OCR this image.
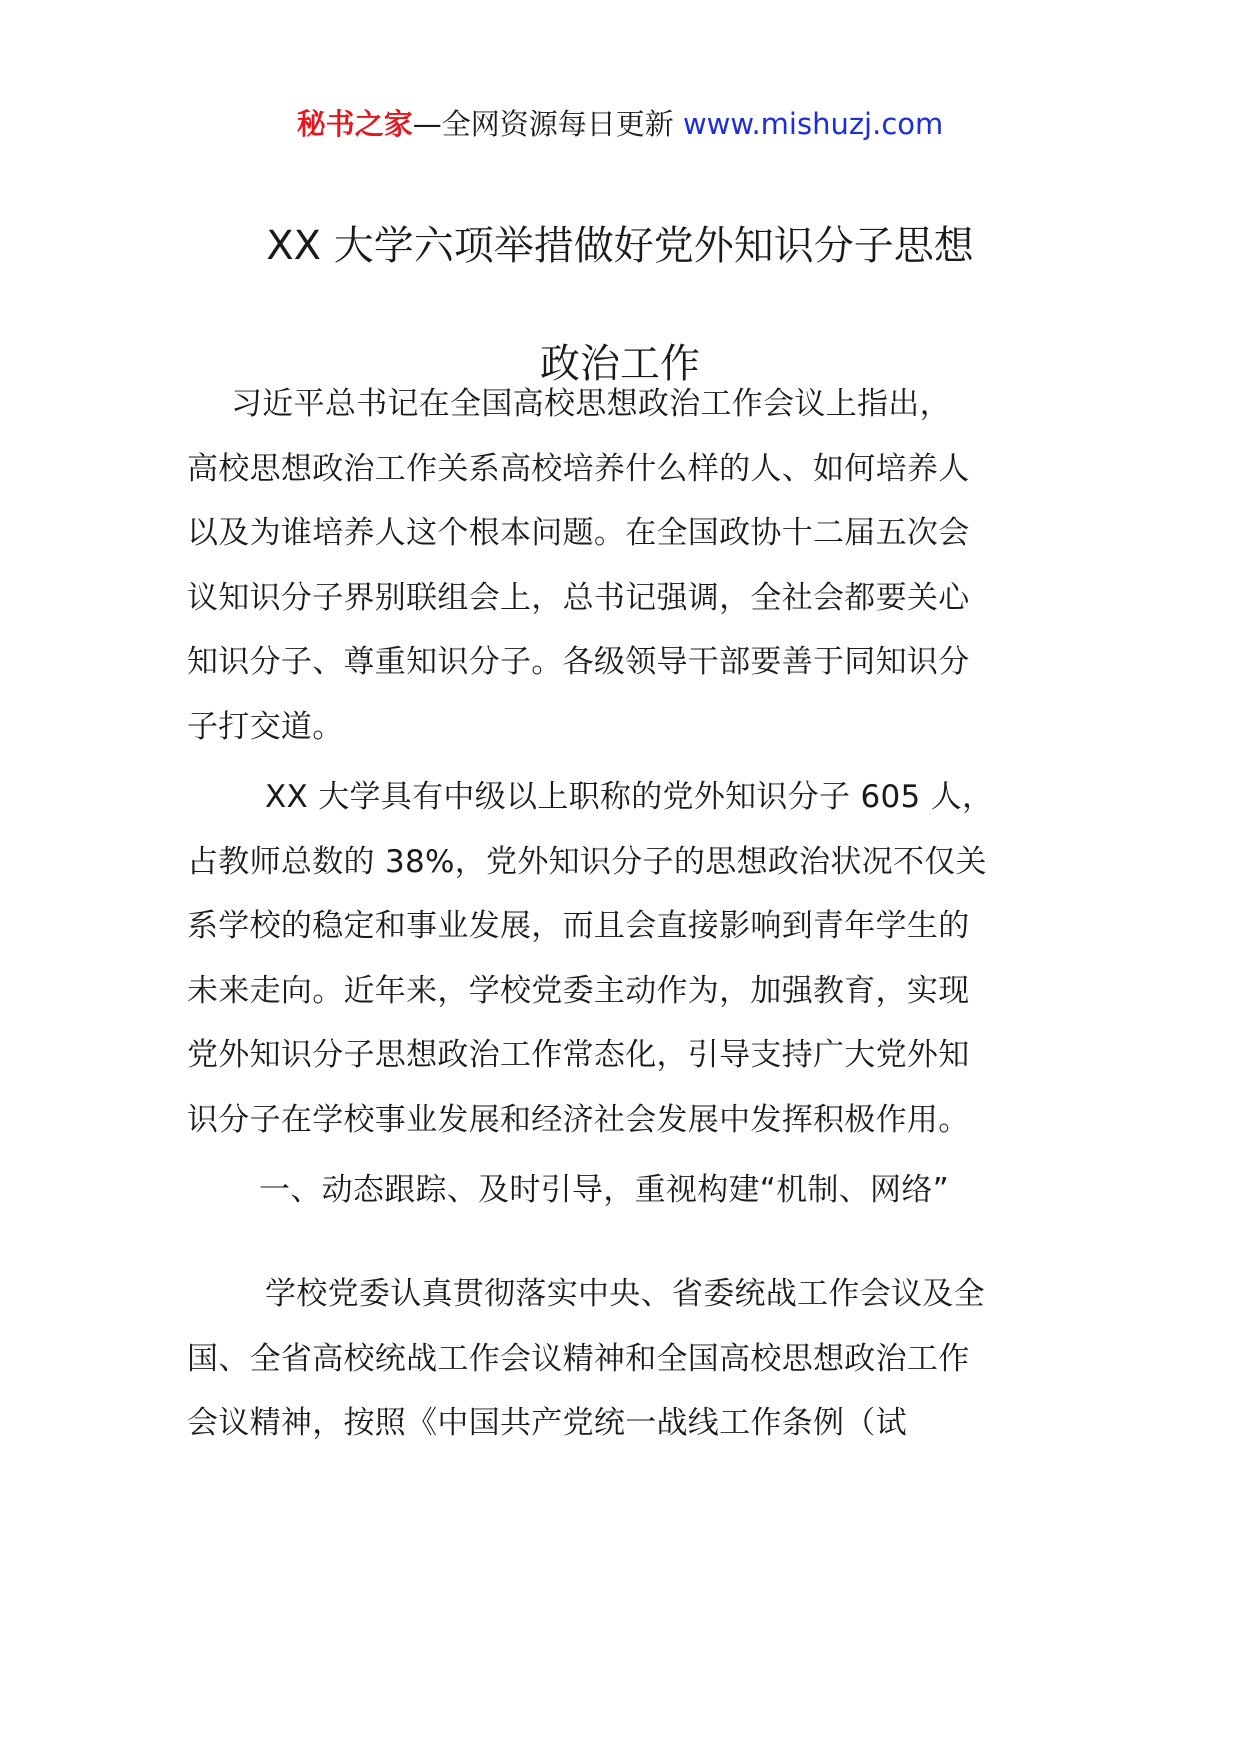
秘书之家—全网资源每日更新 www.mishuzj.com
XX 大学六项举措做好党外知识分子思想
政治工作
习近平总书记在全国高校思想政治工作会议上指出，
高校思想政治工作关系高校培养什么样的人、如何培养人
以及为谁培养人这个根本问题。在全国政协十二届五次会
议知识分子界别联组会上，总书记强调，全社会都要关心
知识分子、尊重知识分子。各级领导干部要善于同知识分
子打交道。
XX 大学具有中级以上职称的党外知识分子 605 人，
占教师总数的 38%，党外知识分子的思想政治状况不仅关
系学校的稳定和事业发展，而且会直接影响到青年学生的
未来走向。近年来，学校党委主动作为，加强教育，实现
党外知识分子思想政治工作常态化，引导支持广大党外知
识分子在学校事业发展和经济社会发展中发挥积极作用。
一、动态跟踪、及时引导，重视构建“机制、网络”
学校党委认真贯彻落实中央、省委统战工作会议及全
国、全省高校统战工作会议精神和全国高校思想政治工作
会议精神，按照《中国共产党统一战线工作条例（试
